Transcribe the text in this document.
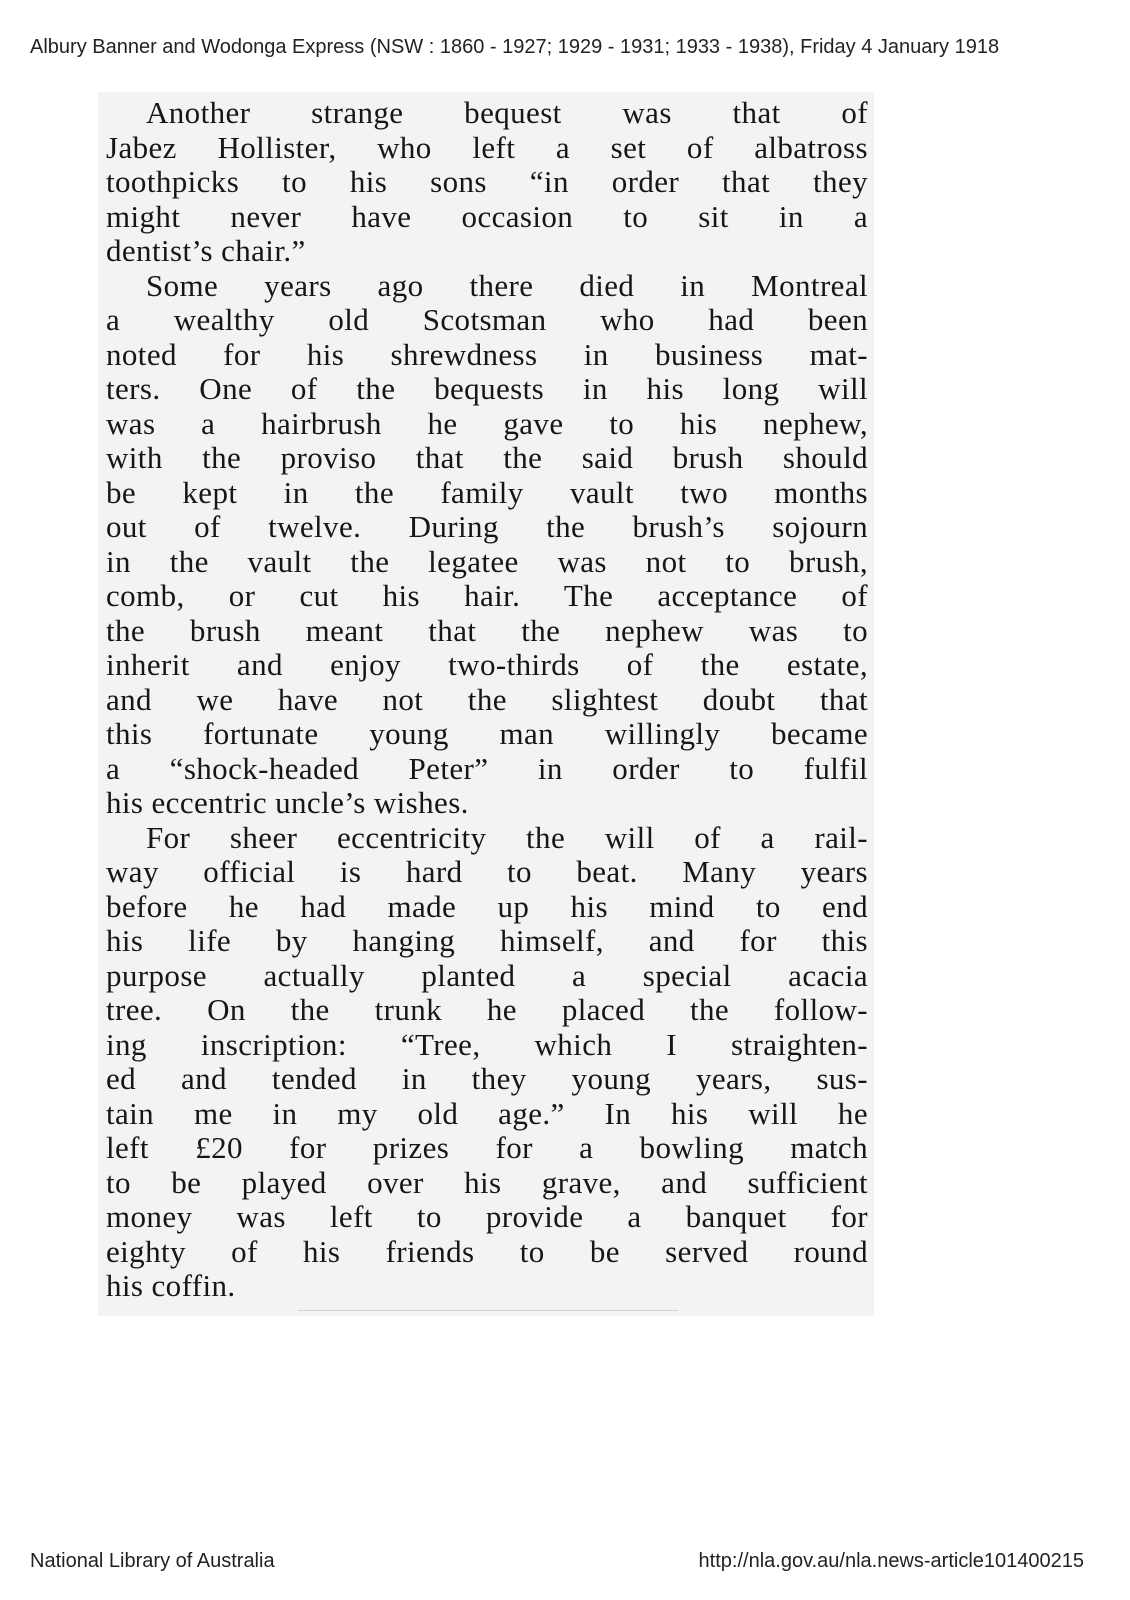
Albury Banner and Wodonga Express (NSW : 1860 - 1927; 1929 - 1931; 1933 - 1938), Friday 4 January 1918
Another strange bequest was that of
Jabez Hollister, who left a set of albatross
toothpicks to his sons “in order that they
might never have occasion to sit in a
dentist’s chair.”
Some years ago there died in Montreal
a wealthy old Scotsman who had been
noted for his shrewdness in business mat-
ters. One of the bequests in his long will
was a hairbrush he gave to his nephew,
with the proviso that the said brush should
be kept in the family vault two months
out of twelve. During the brush’s sojourn
in the vault the legatee was not to brush,
comb, or cut his hair. The acceptance of
the brush meant that the nephew was to
inherit and enjoy two-thirds of the estate,
and we have not the slightest doubt that
this fortunate young man willingly became
a “shock-headed Peter” in order to fulfil
his eccentric uncle’s wishes.
For sheer eccentricity the will of a rail-
way official is hard to beat. Many years
before he had made up his mind to end
his life by hanging himself, and for this
purpose actually planted a special acacia
tree. On the trunk he placed the follow-
ing inscription: “Tree, which I straighten-
ed and tended in they young years, sus-
tain me in my old age.” In his will he
left £20 for prizes for a bowling match
to be played over his grave, and sufficient
money was left to provide a banquet for
eighty of his friends to be served round
his coffin.
National Library of Australia	http://nla.gov.au/nla.news-article101400215
